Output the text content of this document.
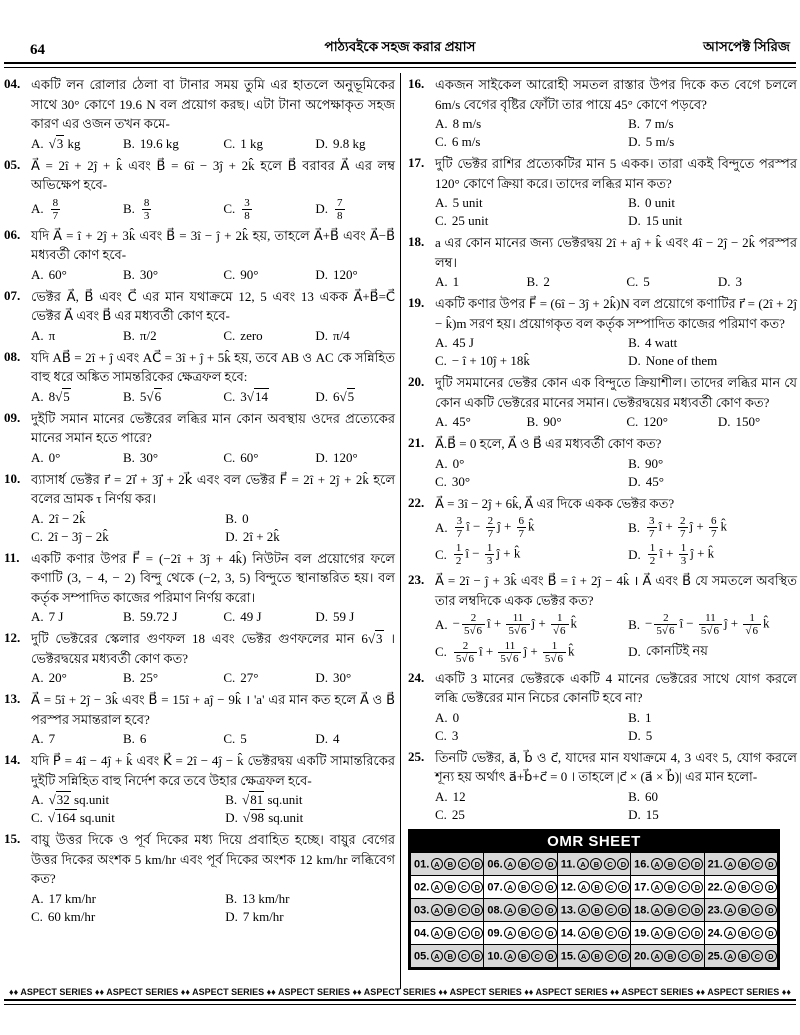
64	পাঠ্যবইকে সহজ করার প্রয়াস	আসপেক্ট সিরিজ
04. একটি লন রোলার ঠেলা বা টানার সময় তুমি এর হাতলে অনুভূমিকের সাথে 30° কোণে 19.6 N বল প্রয়োগ করছ। এটা টানা অপেক্ষাকৃত সহজ কারণ এর ওজন তখন কমে-
A. √3 kg	B. 19.6 kg	C. 1 kg	D. 9.8 kg
05. A⃗ = 2î + 2ĵ + k̂ এবং B⃗ = 6î − 3ĵ + 2k̂ হলে B⃗ বরাবর A⃗ এর লম্ব অভিক্ষেপ হবে-
A. $\frac{8}{7}$	B. $\frac{8}{3}$	C. $\frac{3}{8}$	D. $\frac{7}{8}$
06. যদি A⃗ = î + 2ĵ + 3k̂ এবং B⃗ = 3î − ĵ + 2k̂ হয়, তাহলে A⃗+B⃗ এবং A⃗−B⃗ মধ্যবর্তী কোণ হবে-
A. 60°	B. 30°	C. 90°	D. 120°
07. ভেক্টর A⃗, B⃗ এবং C⃗ এর মান যথাক্রমে 12, 5 এবং 13 একক A⃗+B⃗=C⃗ ভেক্টর A⃗ এবং B⃗ এর মধ্যবর্তী কোণ হবে-
A. π	B. π/2	C. zero	D. π/4
08. যদি AB⃗ = 2î + ĵ এবং AC⃗ = 3î + ĵ + 5k̂ হয়, তবে AB ও AC কে সন্নিহিত বাহু ধরে অঙ্কিত সামন্তরিকের ক্ষেত্রফল হবে:
A. 8√5	B. 5√6	C. 3√14	D. 6√5
09. দুইটি সমান মানের ভেক্টরের লব্ধির মান কোন অবস্থায় ওদের প্রত্যেকের মানের সমান হতে পারে?
A. 0°	B. 30°	C. 60°	D. 120°
10. ব্যাসার্ধ ভেক্টর r⃗ = 2i⃗ + 3j⃗ + 2k⃗ এবং বল ভেক্টর F⃗ = 2î + 2ĵ + 2k̂ হলে বলের ভ্রামক τ নির্ণয় কর।
A. 2î − 2k̂	B. 0
C. 2î − 3ĵ − 2k̂	D. 2î + 2k̂
11. একটি কণার উপর F⃗ = (−2î + 3ĵ + 4k̂) নিউটন বল প্রয়োগের ফলে কণাটি (3, − 4, − 2) বিন্দু থেকে (−2, 3, 5) বিন্দুতে স্থানান্তরিত হয়। বল কর্তৃক সম্পাদিত কাজের পরিমাণ নির্ণয় করো।
A. 7 J	B. 59.72 J	C. 49 J	D. 59 J
12. দুটি ভেক্টরের স্কেলার গুণফল 18 এবং ভেক্টর গুণফলের মান 6√3 । ভেক্টরদ্বয়ের মধ্যবর্তী কোণ কত?
A. 20°	B. 25°	C. 27°	D. 30°
13. A⃗ = 5î + 2ĵ − 3k̂ এবং B⃗ = 15î + aĵ − 9k̂ । 'a' এর মান কত হলে A⃗ ও B⃗ পরস্পর সমান্তরাল হবে?
A. 7	B. 6	C. 5	D. 4
14. যদি P⃗ = 4î − 4ĵ + k̂ এবং K⃗ = 2î − 4ĵ − k̂ ভেক্টরদ্বয় একটি সামান্তরিকের দুইটি সন্নিহিত বাহু নির্দেশ করে তবে উহার ক্ষেত্রফল হবে-
A. √32 sq.unit	B. √81 sq.unit
C. √164 sq.unit	D. √98 sq.unit
15. বায়ু উত্তর দিকে ও পূর্ব দিকের মধ্য দিয়ে প্রবাহিত হচ্ছে। বায়ুর বেগের উত্তর দিকের অংশক 5 km/hr এবং পূর্ব দিকের অংশক 12 km/hr লব্ধিবেগ কত?
A. 17 km/hr	B. 13 km/hr
C. 60 km/hr	D. 7 km/hr
16. একজন সাইকেল আরোহী সমতল রাস্তার উপর দিকে কত বেগে চললে 6m/s বেগের বৃষ্টির ফোঁটা তার পায়ে 45° কোণে পড়বে?
A. 8 m/s	B. 7 m/s
C. 6 m/s	D. 5 m/s
17. দুটি ভেক্টর রাশির প্রত্যেকটির মান 5 একক। তারা একই বিন্দুতে পরস্পর 120° কোণে ক্রিয়া করে। তাদের লব্ধির মান কত?
A. 5 unit	B. 0 unit
C. 25 unit	D. 15 unit
18. a এর কোন মানের জন্য ভেক্টরদ্বয় 2î + aĵ + k̂ এবং 4î − 2ĵ − 2k̂ পরস্পর লম্ব।
A. 1	B. 2	C. 5	D. 3
19. একটি কণার উপর F⃗ = (6î − 3ĵ + 2k̂)N বল প্রয়োগে কণাটির r⃗ = (2î + 2ĵ − k̂)m সরণ হয়। প্রয়োগকৃত বল কর্তৃক সম্পাদিত কাজের পরিমাণ কত?
A. 45 J	B. 4 watt
C. − î + 10ĵ + 18k̂	D. None of them
20. দুটি সমমানের ভেক্টর কোন এক বিন্দুতে ক্রিয়াশীল। তাদের লব্ধির মান যে কোন একটি ভেক্টরের মানের সমান। ভেক্টরদ্বয়ের মধ্যবর্তী কোণ কত?
A. 45°	B. 90°	C. 120°	D. 150°
21. A⃗.B⃗ = 0 হলে, A⃗ ও B⃗ এর মধ্যবর্তী কোণ কত?
A. 0°	B. 90°
C. 30°	D. 45°
22. A⃗ = 3î − 2ĵ + 6k̂, A⃗ এর দিকে একক ভেক্টর কত?
A. $\frac{3}{7}$ î − $\frac{2}{7}$ ĵ + $\frac{6}{7}$ k̂	B. $\frac{3}{7}$ î + $\frac{2}{7}$ ĵ + $\frac{6}{7}$ k̂
C. $\frac{1}{2}$ î − $\frac{1}{3}$ ĵ + k̂	D. $\frac{1}{2}$ î + $\frac{1}{3}$ ĵ + k̂
23. A⃗ = 2î − ĵ + 3k̂ এবং B⃗ = î + 2ĵ − 4k̂ । A⃗ এবং B⃗ যে সমতলে অবস্থিত তার লম্বদিকে একক ভেক্টর কত?
A. − $\frac{2}{5√6}$ î + $\frac{11}{5√6}$ ĵ + $\frac{1}{√6}$ k̂	B. − $\frac{2}{5√6}$ î − $\frac{11}{5√6}$ ĵ + $\frac{1}{√6}$ k̂
C. $\frac{2}{5√6}$ î + $\frac{11}{5√6}$ ĵ + $\frac{1}{5√6}$ k̂	D. কোনটিই নয়
24. একটি 3 মানের ভেক্টরকে একটি 4 মানের ভেক্টরের সাথে যোগ করলে লব্ধি ভেক্টরের মান নিচের কোনটি হবে না?
A. 0	B. 1
C. 3	D. 5
25. তিনটি ভেক্টর, a⃗, b⃗ ও c⃗, যাদের মান যথাক্রমে 4, 3 এবং 5, যোগ করলে শূন্য হয় অর্থাৎ a⃗+b⃗+c⃗ = 0 । তাহলে |c⃗ × (a⃗ × b⃗)| এর মান হলো-
A. 12	B. 60
C. 25	D. 15
OMR SHEET
01. A B C D	06. A B C D	11. A B C D	16. A B C D	21. A B C D
02. A B C D	07. A B C D	12. A B C D	17. A B C D	22. A B C D
03. A B C D	08. A B C D	13. A B C D	18. A B C D	23. A B C D
04. A B C D	09. A B C D	14. A B C D	19. A B C D	24. A B C D
05. A B C D	10. A B C D	15. A B C D	20. A B C D	25. A B C D
♦♦ ASPECT SERIES ♦♦ ASPECT SERIES ♦♦ ASPECT SERIES ♦♦ ASPECT SERIES ♦♦ ASPECT SERIES ♦♦ ASPECT SERIES ♦♦ ASPECT SERIES ♦♦ ASPECT SERIES ♦♦ ASPECT SERIES ♦♦
